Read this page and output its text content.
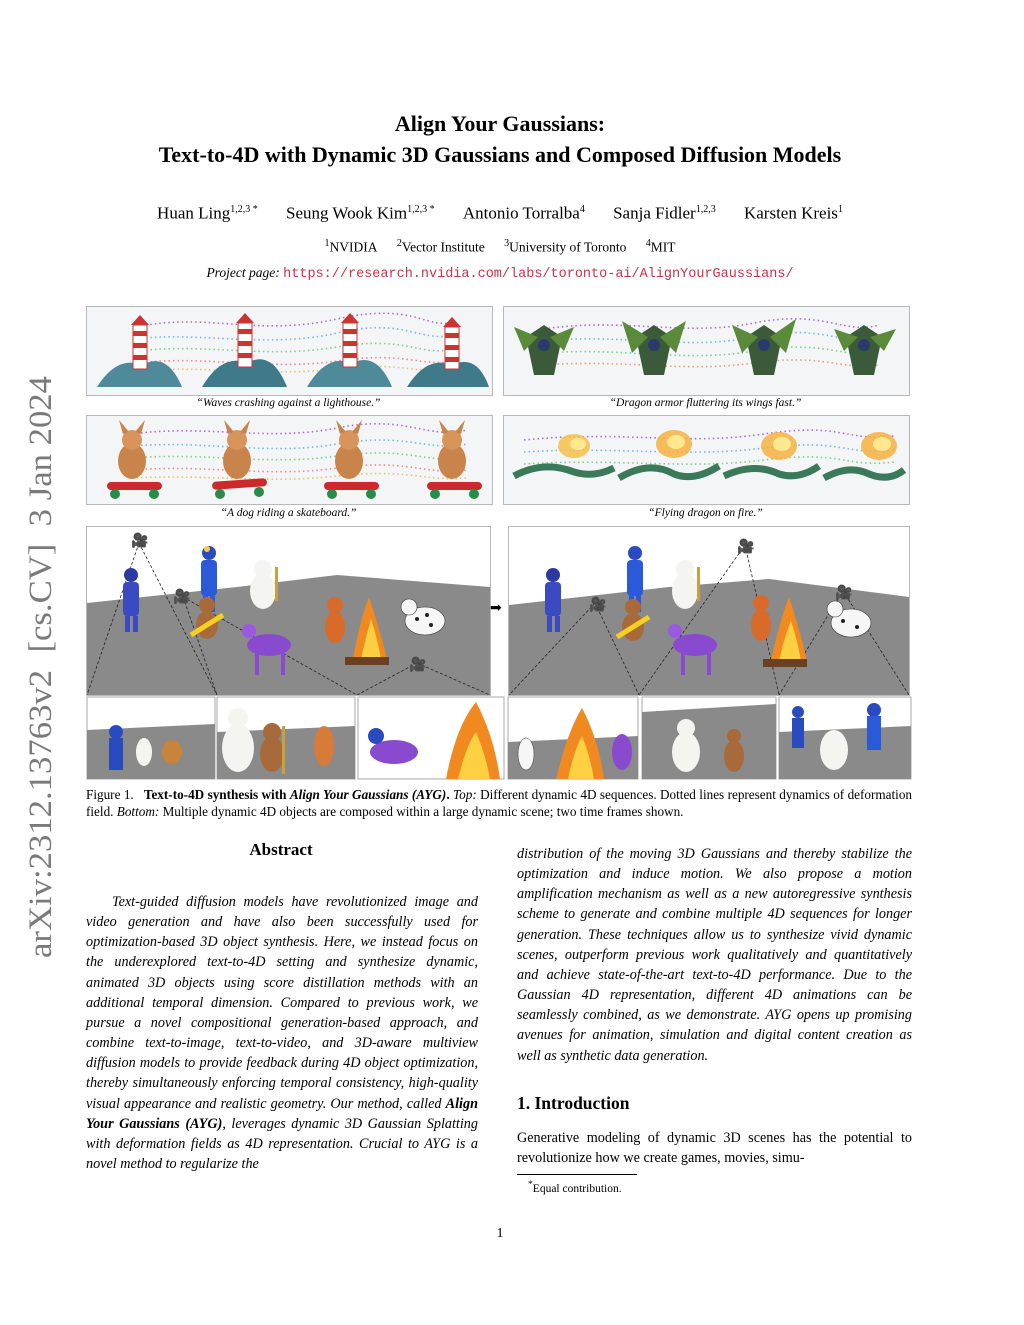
arXiv:2312.13763v2  [cs.CV]  3 Jan 2024
Align Your Gaussians:
Text-to-4D with Dynamic 3D Gaussians and Composed Diffusion Models
Huan Ling$^{1,2,3 *}$ Seung Wook Kim$^{1,2,3 *}$ Antonio Torralba$^4$ Sanja Fidler$^{1,2,3}$ Karsten Kreis$^1$
$^1$NVIDIA $^2$Vector Institute $^3$University of Toronto $^4$MIT
Project page: https://research.nvidia.com/labs/toronto-ai/AlignYourGaussians/
“Waves crashing against a lighthouse.”	“Dragon armor fluttering its wings fast.”
“A dog riding a skateboard.”	“Flying dragon on fire.”
🎥
🎥
🎥
➡
🎥
🎥
🎥
Figure 1. Text-to-4D synthesis with Align Your Gaussians (AYG). Top: Different dynamic 4D sequences. Dotted lines represent dynamics of deformation field. Bottom: Multiple dynamic 4D objects are composed within a large dynamic scene; two time frames shown.
Abstract
Text-guided diffusion models have revolutionized image and video generation and have also been successfully used for optimization-based 3D object synthesis. Here, we instead focus on the underexplored text-to-4D setting and synthesize dynamic, animated 3D objects using score distillation methods with an additional temporal dimension. Compared to previous work, we pursue a novel compositional generation-based approach, and combine text-to-image, text-to-video, and 3D-aware multiview diffusion models to provide feedback during 4D object optimization, thereby simultaneously enforcing temporal consistency, high-quality visual appearance and realistic geometry. Our method, called Align Your Gaussians (AYG), leverages dynamic 3D Gaussian Splatting with deformation fields as 4D representation. Crucial to AYG is a novel method to regularize the
distribution of the moving 3D Gaussians and thereby stabilize the optimization and induce motion. We also propose a motion amplification mechanism as well as a new autoregressive synthesis scheme to generate and combine multiple 4D sequences for longer generation. These techniques allow us to synthesize vivid dynamic scenes, outperform previous work qualitatively and quantitatively and achieve state-of-the-art text-to-4D performance. Due to the Gaussian 4D representation, different 4D animations can be seamlessly combined, as we demonstrate. AYG opens up promising avenues for animation, simulation and digital content creation as well as synthetic data generation.
1. Introduction
Generative modeling of dynamic 3D scenes has the potential to revolutionize how we create games, movies, simu-
*Equal contribution.
1
